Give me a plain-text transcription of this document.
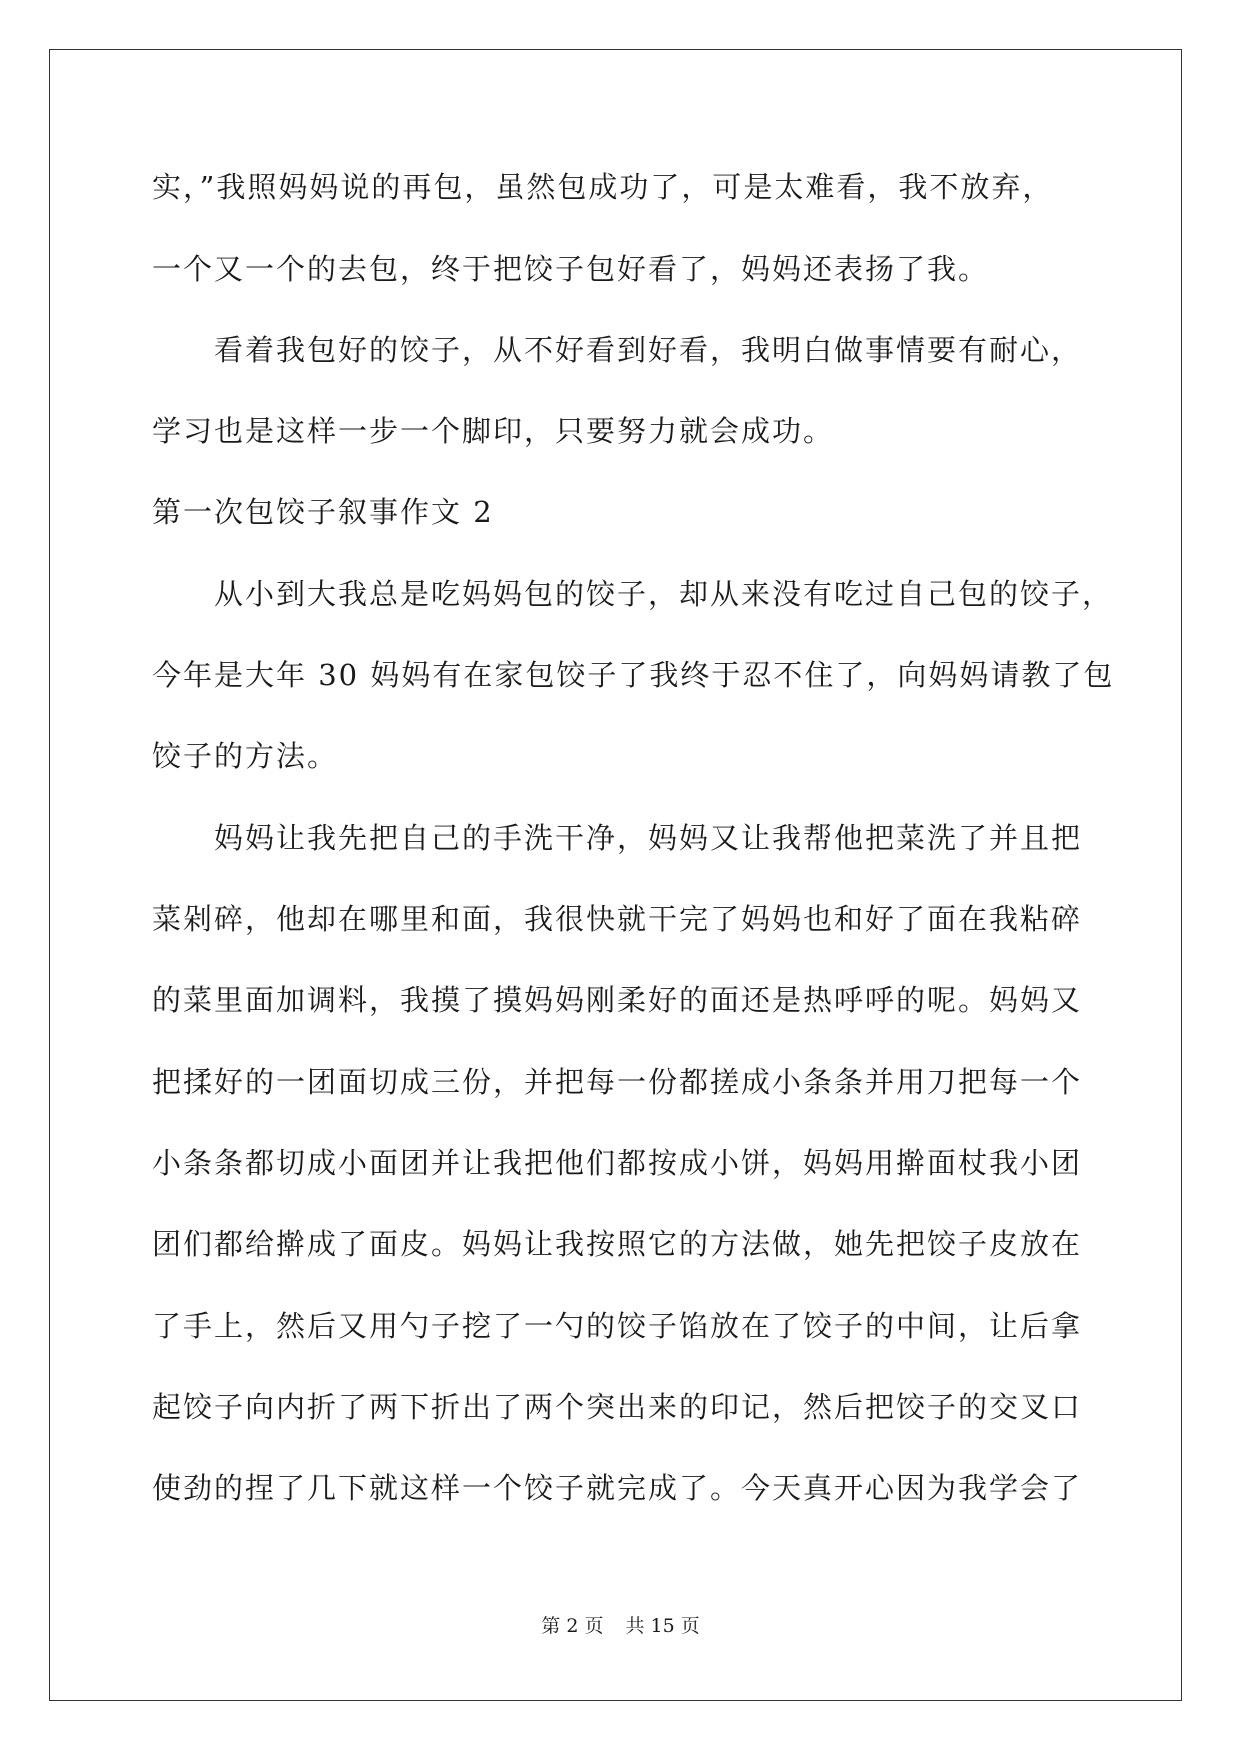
实，”我照妈妈说的再包，虽然包成功了，可是太难看，我不放弃，
一个又一个的去包，终于把饺子包好看了，妈妈还表扬了我。
　　看着我包好的饺子，从不好看到好看，我明白做事情要有耐心，
学习也是这样一步一个脚印，只要努力就会成功。
第一次包饺子叙事作文 2
　　从小到大我总是吃妈妈包的饺子，却从来没有吃过自己包的饺子，
今年是大年 30 妈妈有在家包饺子了我终于忍不住了，向妈妈请教了包
饺子的方法。
　　妈妈让我先把自己的手洗干净，妈妈又让我帮他把菜洗了并且把
菜剁碎，他却在哪里和面，我很快就干完了妈妈也和好了面在我粘碎
的菜里面加调料，我摸了摸妈妈刚柔好的面还是热呼呼的呢。妈妈又
把揉好的一团面切成三份，并把每一份都搓成小条条并用刀把每一个
小条条都切成小面团并让我把他们都按成小饼，妈妈用擀面杖我小团
团们都给擀成了面皮。妈妈让我按照它的方法做，她先把饺子皮放在
了手上，然后又用勺子挖了一勺的饺子馅放在了饺子的中间，让后拿
起饺子向内折了两下折出了两个突出来的印记，然后把饺子的交叉口
使劲的捏了几下就这样一个饺子就完成了。今天真开心因为我学会了
第 2 页 共 15 页
